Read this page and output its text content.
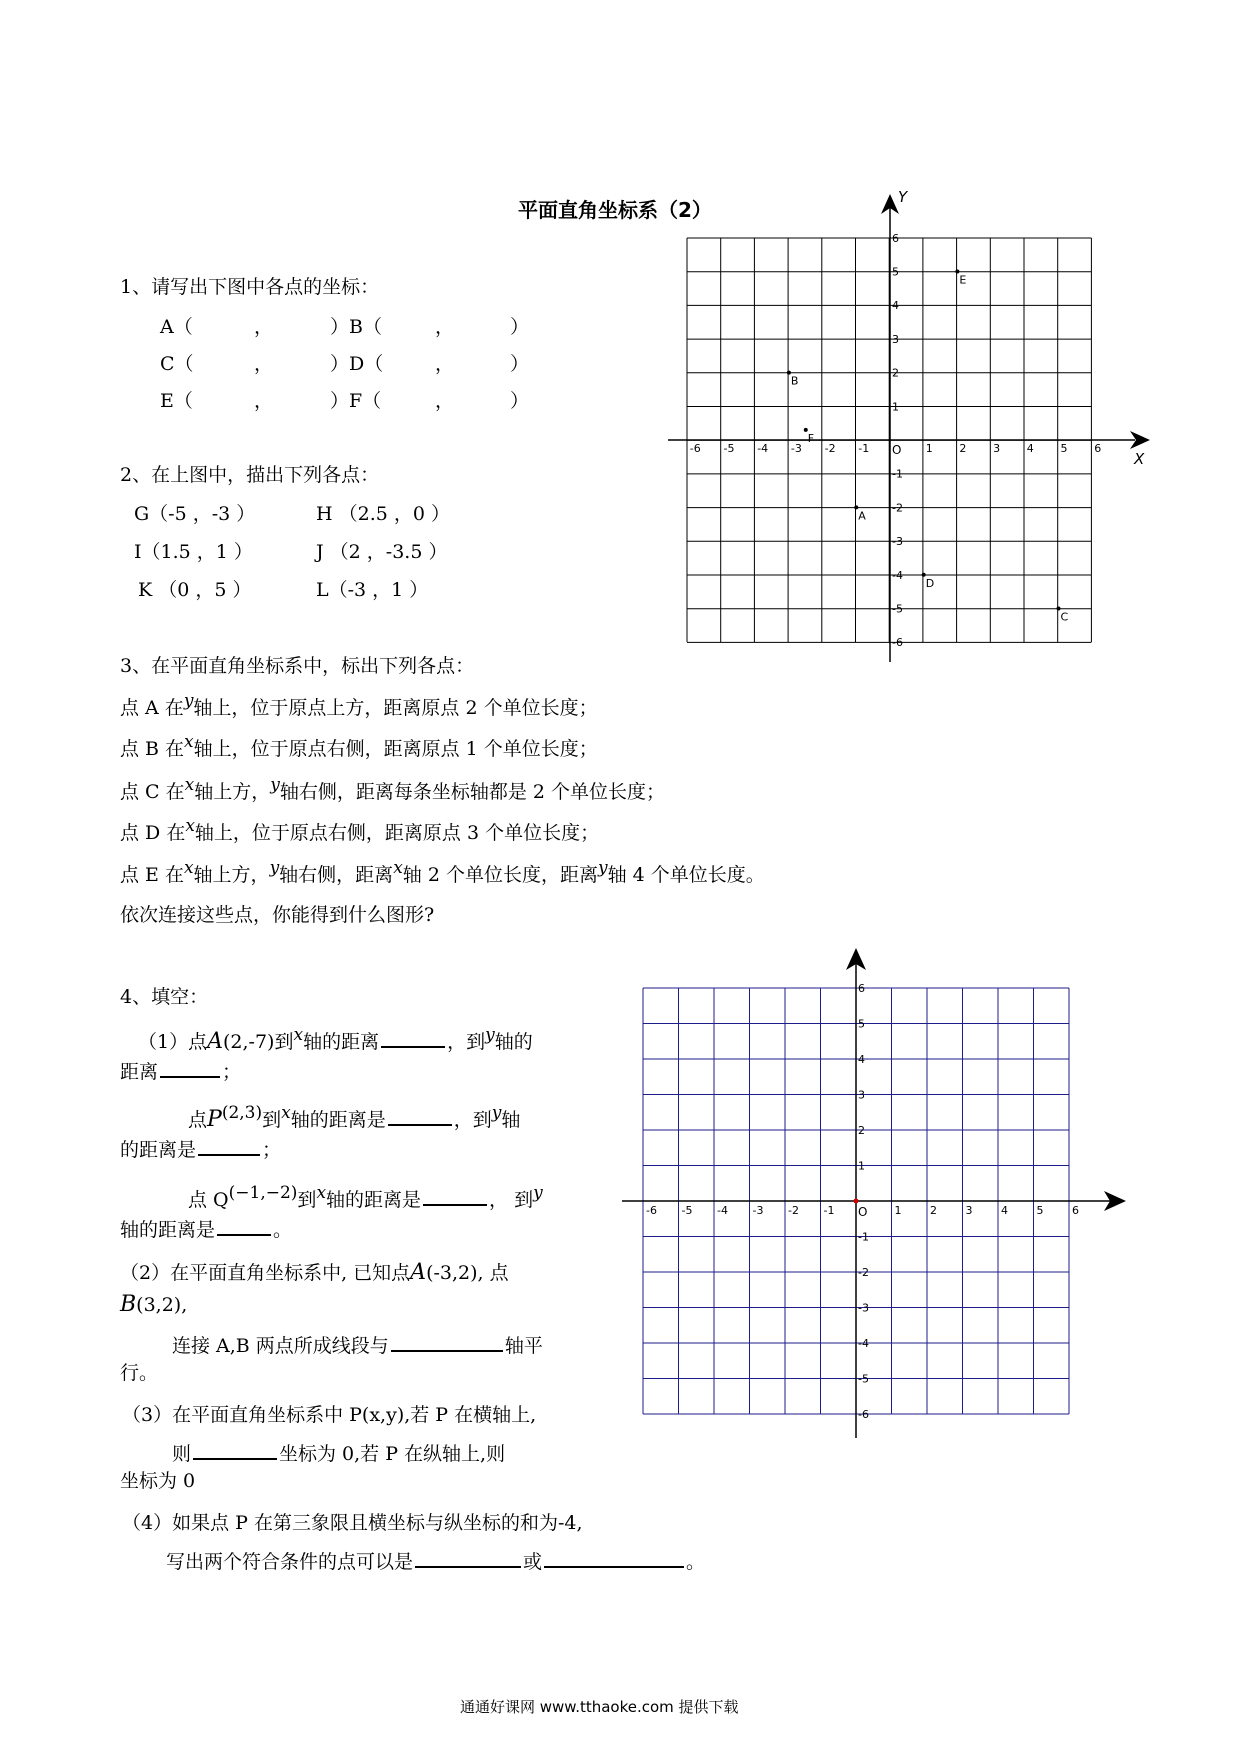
平面直角坐标系（2）
1、请写出下图中各点的坐标：
A（	，	）B（	，	）
C（	，	）D（	，	）
E（	，	）F（	，	）
2、在上图中，描出下列各点：
G（-5 ，-3 ）	H （2.5 ，0 ）
I（1.5 ，1 ）	J （2 ，-3.5 ）
K （0 ，5 ）	L（-3 ，1 ）
3、在平面直角坐标系中，标出下列各点：
点 A 在y轴上，位于原点上方，距离原点 2 个单位长度；
点 B 在x轴上，位于原点右侧，距离原点 1 个单位长度；
点 C 在x轴上方，y轴右侧，距离每条坐标轴都是 2 个单位长度；
点 D 在x轴上，位于原点右侧，距离原点 3 个单位长度；
点 E 在x轴上方，y轴右侧，距离x轴 2 个单位长度，距离y轴 4 个单位长度。
依次连接这些点，你能得到什么图形?
4、填空：
（1）点A(2,-7)到x轴的距离	，到y轴的
距离	；
点P(2,3)到x轴的距离是	，到y轴
的距离是	；
点 Q(−1,−2)到x轴的距离是	， 到y
轴的距离是	。
（2）在平面直角坐标系中, 已知点A(-3,2), 点
B(3,2),
连接 A,B 两点所成线段与	轴平
行。
（3）在平面直角坐标系中 P(x,y),若 P 在横轴上,
则	坐标为 0,若 P 在纵轴上,则
坐标为 0
（4）如果点 P 在第三象限且横坐标与纵坐标的和为-4,
写出两个符合条件的点可以是	或	。
X
Y
O
-6
-6
-5
-5
-4
-4
-3
-3
-2
-2
-1
-1
1
1
2
2
3
3
4
4
5
5
6
6
A
B
C
D
E
F
O
-6
-6
-5
-5
-4
-4
-3
-3
-2
-2
-1
-1
1
1
2
2
3
3
4
4
5
5
6
6
通通好课网 www.tthaoke.com 提供下载
